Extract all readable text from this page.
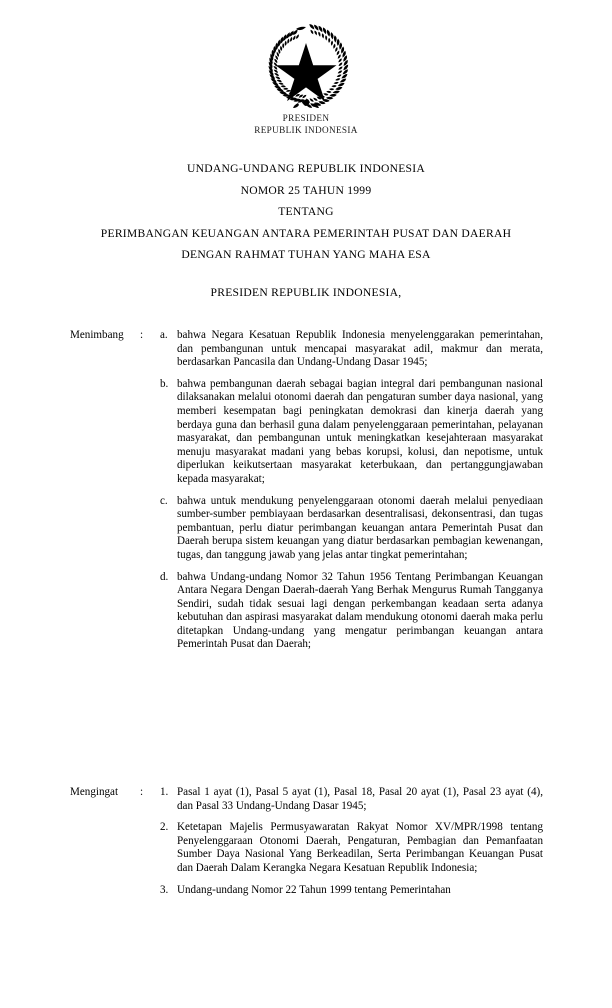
PRESIDEN
REPUBLIK INDONESIA
UNDANG-UNDANG REPUBLIK INDONESIA
NOMOR 25 TAHUN 1999
TENTANG
PERIMBANGAN KEUANGAN ANTARA PEMERINTAH PUSAT DAN DAERAH
DENGAN RAHMAT TUHAN YANG MAHA ESA
PRESIDEN REPUBLIK INDONESIA,
Menimbang	:	a. bahwa Negara Kesatuan Republik Indonesia menyelenggarakan pemerintahan, dan pembangunan untuk mencapai masyarakat adil, makmur dan merata, berdasarkan Pancasila dan Undang-Undang Dasar 1945;
b. bahwa pembangunan daerah sebagai bagian integral dari pembangunan nasional dilaksanakan melalui otonomi daerah dan pengaturan sumber daya nasional, yang memberi kesempatan bagi peningkatan demokrasi dan kinerja daerah yang berdaya guna dan berhasil guna dalam penyelenggaraan pemerintahan, pelayanan masyarakat, dan pembangunan untuk meningkatkan kesejahteraan masyarakat menuju masyarakat madani yang bebas korupsi, kolusi, dan nepotisme, untuk diperlukan keikutsertaan masyarakat keterbukaan, dan pertanggungjawaban kepada masyarakat;
c. bahwa untuk mendukung penyelenggaraan otonomi daerah melalui penyediaan sumber-sumber pembiayaan berdasarkan desentralisasi, dekonsentrasi, dan tugas pembantuan, perlu diatur perimbangan keuangan antara Pemerintah Pusat dan Daerah berupa sistem keuangan yang diatur berdasarkan pembagian kewenangan, tugas, dan tanggung jawab yang jelas antar tingkat pemerintahan;
d. bahwa Undang-undang Nomor 32 Tahun 1956 Tentang Perimbangan Keuangan Antara Negara Dengan Daerah-daerah Yang Berhak Mengurus Rumah Tangganya Sendiri, sudah tidak sesuai lagi dengan perkembangan keadaan serta adanya kebutuhan dan aspirasi masyarakat dalam mendukung otonomi daerah maka perlu ditetapkan Undang-undang yang mengatur perimbangan keuangan antara Pemerintah Pusat dan Daerah;
Mengingat	:	1. Pasal 1 ayat (1), Pasal 5 ayat (1), Pasal 18, Pasal 20 ayat (1), Pasal 23 ayat (4), dan Pasal 33 Undang-Undang Dasar 1945;
2. Ketetapan Majelis Permusyawaratan Rakyat Nomor XV/MPR/1998 tentang Penyelenggaraan Otonomi Daerah, Pengaturan, Pembagian dan Pemanfaatan Sumber Daya Nasional Yang Berkeadilan, Serta Perimbangan Keuangan Pusat dan Daerah Dalam Kerangka Negara Kesatuan Republik Indonesia;
3. Undang-undang Nomor 22 Tahun 1999 tentang Pemerintahan
